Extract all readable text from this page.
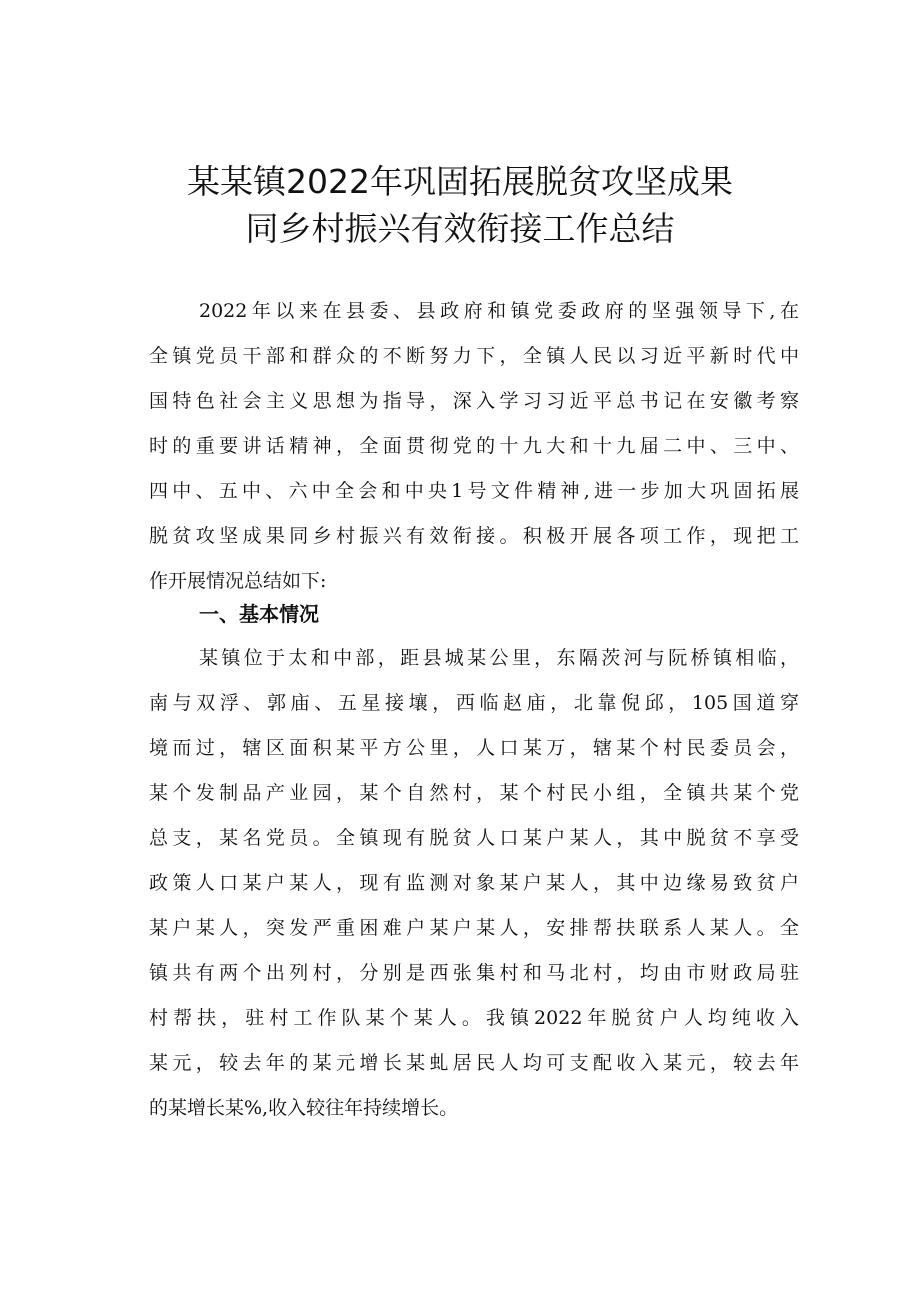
某某镇2022年巩固拓展脱贫攻坚成果
同乡村振兴有效衔接工作总结
2022年以来在县委、县政府和镇党委政府的坚强领导下,在
全镇党员干部和群众的不断努力下，全镇人民以习近平新时代中
国特色社会主义思想为指导，深入学习习近平总书记在安徽考察
时的重要讲话精神，全面贯彻党的十九大和十九届二中、三中、
四中、五中、六中全会和中央1号文件精神,进一步加大巩固拓展
脱贫攻坚成果同乡村振兴有效衔接。积极开展各项工作，现把工
作开展情况总结如下:
一、基本情况
某镇位于太和中部，距县城某公里，东隔茨河与阮桥镇相临，
南与双浮、郭庙、五星接壤，西临赵庙，北靠倪邱，105国道穿
境而过，辖区面积某平方公里，人口某万，辖某个村民委员会，
某个发制品产业园，某个自然村，某个村民小组，全镇共某个党
总支，某名党员。全镇现有脱贫人口某户某人，其中脱贫不享受
政策人口某户某人，现有监测对象某户某人，其中边缘易致贫户
某户某人，突发严重困难户某户某人，安排帮扶联系人某人。全
镇共有两个出列村，分别是西张集村和马北村，均由市财政局驻
村帮扶，驻村工作队某个某人。我镇2022年脱贫户人均纯收入
某元，较去年的某元增长某虬居民人均可支配收入某元，较去年
的某增长某%,收入较往年持续增长。
